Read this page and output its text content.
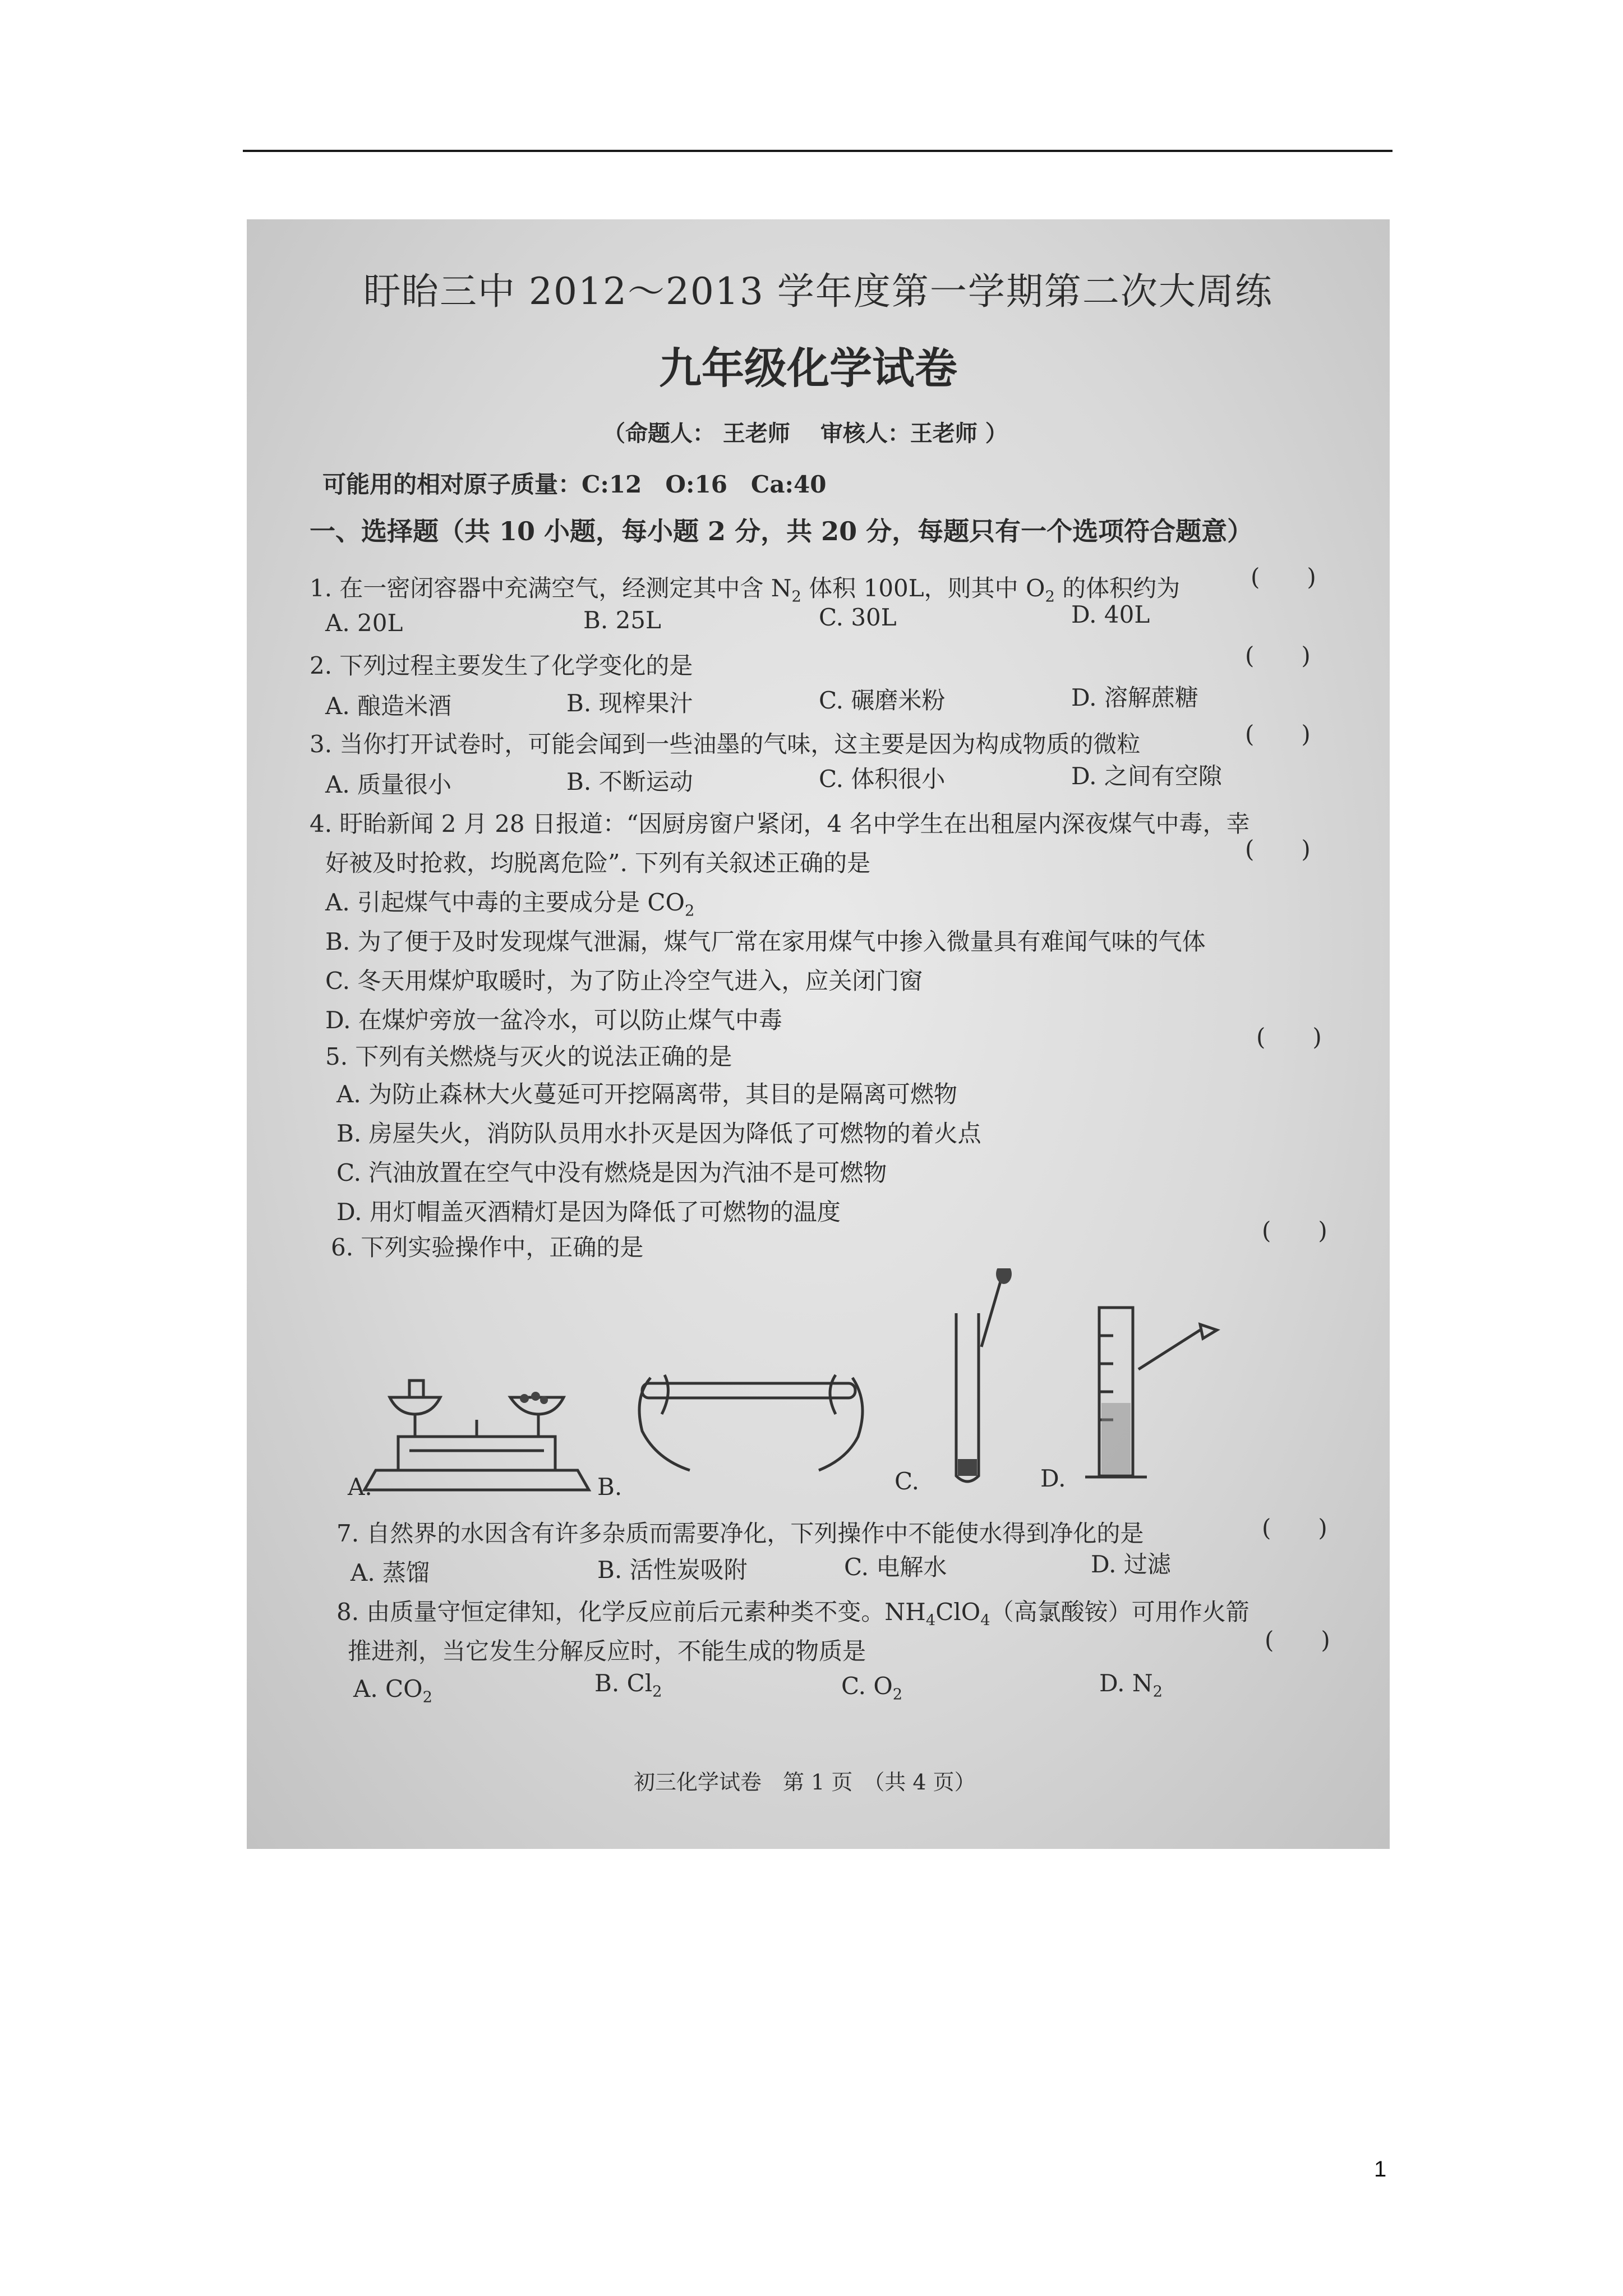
盱眙三中 2012～2013 学年度第一学期第二次大周练
九年级化学试卷
（命题人： 王老师　 审核人：王老师 ）
可能用的相对原子质量：C:12　O:16　Ca:40
一、选择题（共 10 小题，每小题 2 分，共 20 分，每题只有一个选项符合题意）
1. 在一密闭容器中充满空气，经测定其中含 $N_2$ 体积 100L，则其中 $O_2$ 的体积约为	(　　)
A. 20L	B. 25L	C. 30L	D. 40L
2. 下列过程主要发生了化学变化的是	(　　)
A. 酿造米酒	B. 现榨果汁	C. 碾磨米粉	D. 溶解蔗糖
3. 当你打开试卷时，可能会闻到一些油墨的气味，这主要是因为构成物质的微粒	(　　)
A. 质量很小	B. 不断运动	C. 体积很小	D. 之间有空隙
4. 盱眙新闻 2 月 28 日报道：“因厨房窗户紧闭，4 名中学生在出租屋内深夜煤气中毒，幸
好被及时抢救，均脱离危险”. 下列有关叙述正确的是
(　　)
A. 引起煤气中毒的主要成分是 $CO_2$
B. 为了便于及时发现煤气泄漏，煤气厂常在家用煤气中掺入微量具有难闻气味的气体
C. 冬天用煤炉取暖时，为了防止冷空气进入，应关闭门窗
D. 在煤炉旁放一盆冷水，可以防止煤气中毒
5. 下列有关燃烧与灭火的说法正确的是
(　　)
A. 为防止森林大火蔓延可开挖隔离带，其目的是隔离可燃物
B. 房屋失火，消防队员用水扑灭是因为降低了可燃物的着火点
C. 汽油放置在空气中没有燃烧是因为汽油不是可燃物
D. 用灯帽盖灭酒精灯是因为降低了可燃物的温度
6. 下列实验操作中，正确的是
(　　)
A.	B.	C.	D.
7. 自然界的水因含有许多杂质而需要净化，下列操作中不能使水得到净化的是	(　　)
A. 蒸馏	B. 活性炭吸附	C. 电解水	D. 过滤
8. 由质量守恒定律知，化学反应前后元素种类不变。$NH_4ClO_4$（高氯酸铵）可用作火箭
推进剂，当它发生分解反应时，不能生成的物质是	(　　)
A. $CO_2$
B. $Cl_2$	C. $O_2$	D. $N_2$
初三化学试卷　第 1 页　（共 4 页）
1
